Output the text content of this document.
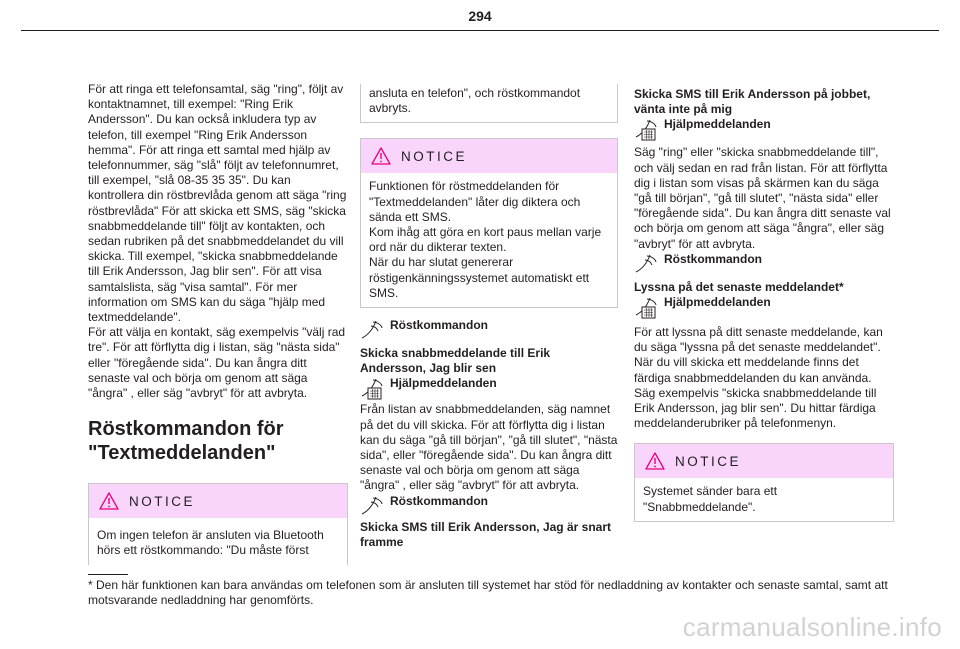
294

För att ringa ett telefonsamtal, säg "ring", följt av kontaktnamnet, till exempel: "Ring Erik Andersson". Du kan också inkludera typ av telefon, till exempel "Ring Erik Andersson hemma". För att ringa ett samtal med hjälp av telefonnummer, säg "slå" följt av telefonnumret, till exempel, "slå 08-35 35 35". Du kan kontrollera din röstbrevlåda genom att säga "ring röstbrevlåda" För att skicka ett SMS, säg "skicka snabbmeddelande till" följt av kontakten, och sedan rubriken på det snabbmeddelandet du vill skicka. Till exempel, "skicka snabbmeddelande till Erik Andersson, Jag blir sen". För att visa samtalslista, säg "visa samtal". För mer information om SMS kan du säga "hjälp med textmeddelande".

För att välja en kontakt, säg exempelvis "välj rad tre". För att förflytta dig i listan, säg "nästa sida" eller "föregående sida". Du kan ångra ditt senaste val och börja om genom att säga "ångra" , eller säg "avbryt" för att avbryta.

Röstkommandon för "Textmeddelanden"
NOTICE

Om ingen telefon är ansluten via Bluetooth hörs ett röstkommando: "Du måste först

ansluta en telefon", och röstkommandot avbryts.

NOTICE

Funktionen för röstmeddelanden för "Textmeddelanden" låter dig diktera och sända ett SMS.
Kom ihåg att göra en kort paus mellan varje ord när du dikterar texten.
När du har slutat genererar röstigenkänningssystemet automatiskt ett SMS.

Röstkommandon

Skicka snabbmeddelande till Erik Andersson, Jag blir sen

Hjälpmeddelanden

Från listan av snabbmeddelanden, säg namnet på det du vill skicka. För att förflytta dig i listan kan du säga "gå till början", "gå till slutet", "nästa sida", eller "föregående sida". Du kan ångra ditt senaste val och börja om genom att säga "ångra" , eller säg "avbryt" för att avbryta.

Röstkommandon

Skicka SMS till Erik Andersson, Jag är snart framme

Skicka SMS till Erik Andersson på jobbet, vänta inte på mig

Hjälpmeddelanden

Säg "ring" eller "skicka snabbmeddelande till", och välj sedan en rad från listan. För att förflytta dig i listan som visas på skärmen kan du säga "gå till början", "gå till slutet", "nästa sida" eller "föregående sida". Du kan ångra ditt senaste val och börja om genom att säga "ångra", eller säg "avbryt" för att avbryta.

Röstkommandon

Lyssna på det senaste meddelandet*

Hjälpmeddelanden

För att lyssna på ditt senaste meddelande, kan du säga "lyssna på det senaste meddelandet". När du vill skicka ett meddelande finns det färdiga snabbmeddelanden du kan använda. Säg exempelvis "skicka snabbmeddelande till Erik Andersson, jag blir sen". Du hittar färdiga meddelanderubriker på telefonmenyn.

NOTICE

Systemet sänder bara ett "Snabbmeddelande".

* Den här funktionen kan bara användas om telefonen som är ansluten till systemet har stöd för nedladdning av kontakter och senaste samtal, samt att motsvarande nedladdning har genomförts.

carmanualsonline.info
